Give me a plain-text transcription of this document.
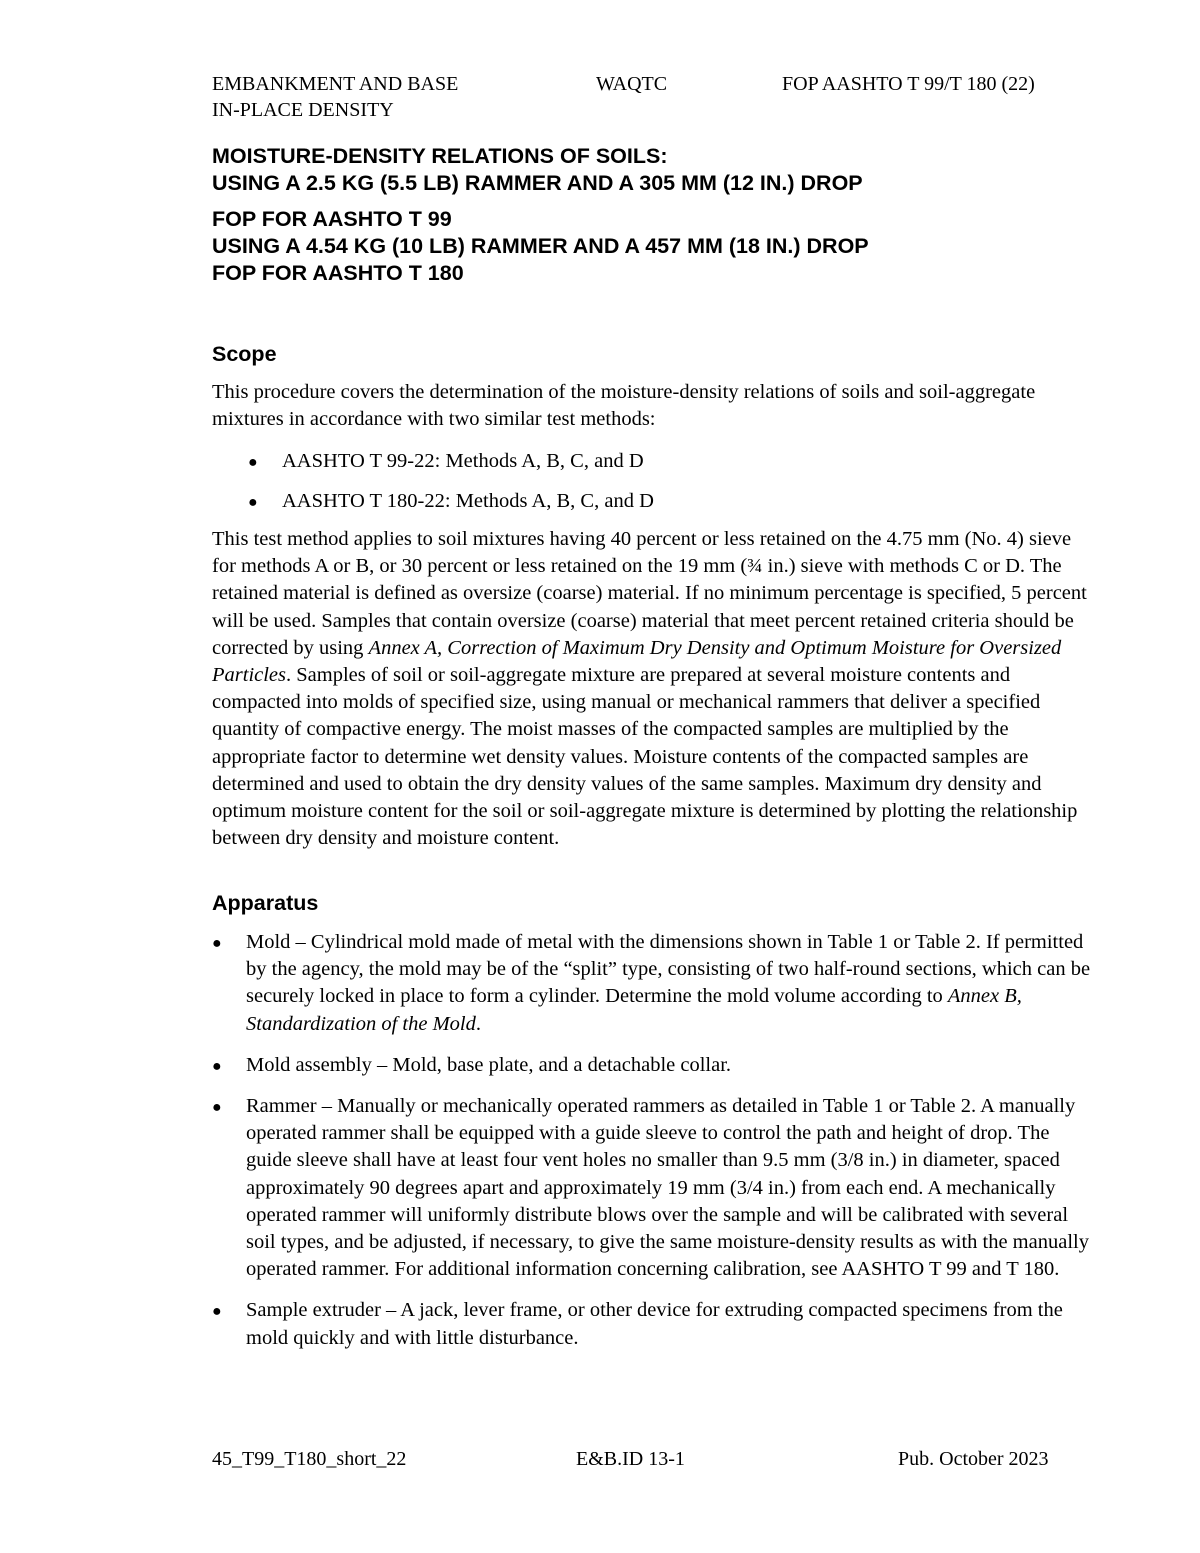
EMBANKMENT AND BASE
IN-PLACE DENSITY
WAQTC	FOP AASHTO T 99/T 180 (22)
MOISTURE-DENSITY RELATIONS OF SOILS:
USING A 2.5 KG (5.5 LB) RAMMER AND A 305 MM (12 IN.) DROP
FOP FOR AASHTO T 99
USING A 4.54 KG (10 LB) RAMMER AND A 457 MM (18 IN.) DROP
FOP FOR AASHTO T 180
Scope

This procedure covers the determination of the moisture-density relations of soils and soil-aggregate mixtures in accordance with two similar test methods:

● AASHTO T 99-22: Methods A, B, C, and D
● AASHTO T 180-22: Methods A, B, C, and D

This test method applies to soil mixtures having 40 percent or less retained on the 4.75 mm (No. 4) sieve for methods A or B, or 30 percent or less retained on the 19 mm (¾ in.) sieve with methods C or D. The retained material is defined as oversize (coarse) material. If no minimum percentage is specified, 5 percent will be used. Samples that contain oversize (coarse) material that meet percent retained criteria should be corrected by using Annex A, Correction of Maximum Dry Density and Optimum Moisture for Oversized Particles. Samples of soil or soil-aggregate mixture are prepared at several moisture contents and compacted into molds of specified size, using manual or mechanical rammers that deliver a specified quantity of compactive energy. The moist masses of the compacted samples are multiplied by the appropriate factor to determine wet density values. Moisture contents of the compacted samples are determined and used to obtain the dry density values of the same samples. Maximum dry density and optimum moisture content for the soil or soil-aggregate mixture is determined by plotting the relationship between dry density and moisture content.

Apparatus
● Mold – Cylindrical mold made of metal with the dimensions shown in Table 1 or Table 2. If permitted by the agency, the mold may be of the “split” type, consisting of two half-round sections, which can be securely locked in place to form a cylinder. Determine the mold volume according to Annex B, Standardization of the Mold.
● Mold assembly – Mold, base plate, and a detachable collar.
● Rammer – Manually or mechanically operated rammers as detailed in Table 1 or Table 2. A manually operated rammer shall be equipped with a guide sleeve to control the path and height of drop. The guide sleeve shall have at least four vent holes no smaller than 9.5 mm (3/8 in.) in diameter, spaced approximately 90 degrees apart and approximately 19 mm (3/4 in.) from each end. A mechanically operated rammer will uniformly distribute blows over the sample and will be calibrated with several soil types, and be adjusted, if necessary, to give the same moisture-density results as with the manually operated rammer. For additional information concerning calibration, see AASHTO T 99 and T 180.
● Sample extruder – A jack, lever frame, or other device for extruding compacted specimens from the mold quickly and with little disturbance.
45_T99_T180_short_22	E&B.ID 13-1	Pub. October 2023
